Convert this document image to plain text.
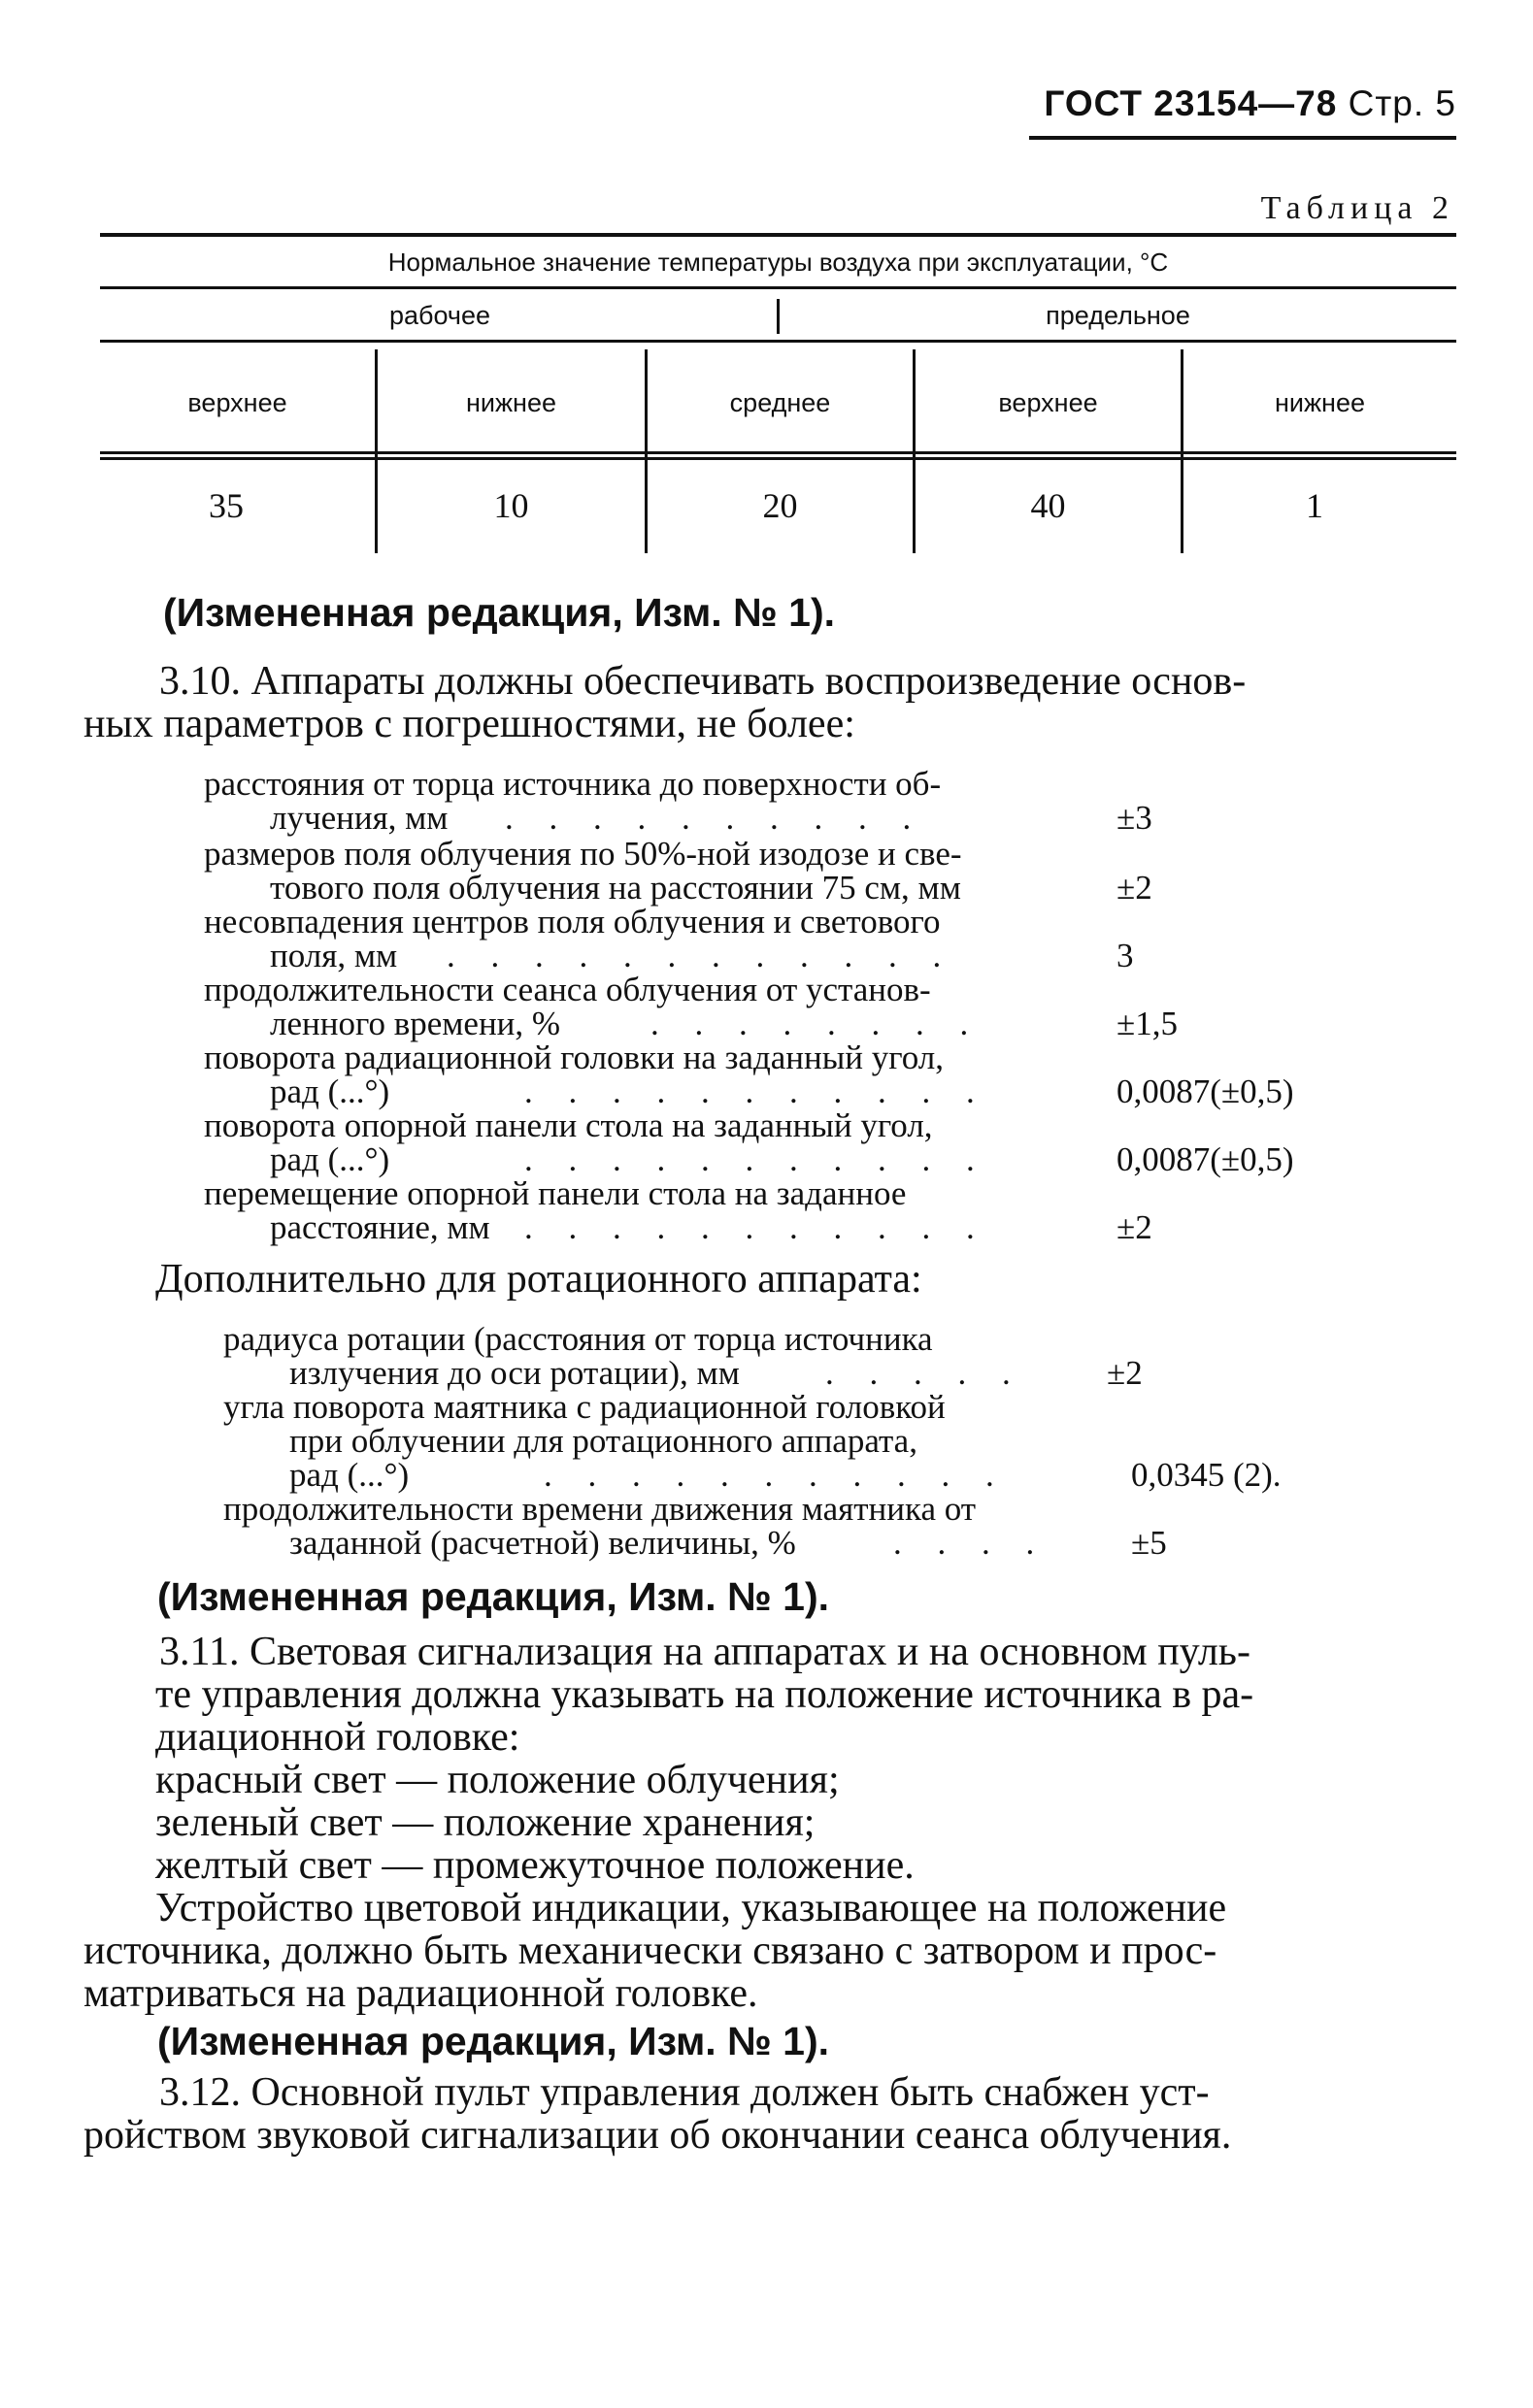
ГОСТ 23154—78 Стр. 5
Таблица 2
Нормальное значение температуры воздуха при эксплуатации, °С
рабочее	предельное
верхнее	нижнее	среднее	верхнее	нижнее
35	10	20	40	1
(Измененная редакция, Изм. № 1).
3.10. Аппараты должны обеспечивать воспроизведение основ-
ных параметров с погрешностями, не более:
расстояния от торца источника до поверхности об-
лучения, мм . . . . . . . . . .	±3
размеров поля облучения по 50%-ной изодозе и све-
тового поля облучения на расстоянии 75 см, мм	±2
несовпадения центров поля облучения и светового
поля, мм . . . . . . . . . . . .	3
продолжительности сеанса облучения от установ-
ленного времени, %	. . . . . . . .	±1,5
поворота радиационной головки на заданный угол,
рад (...°)	. . . . . . . . . . .	0,0087(±0,5)
поворота опорной панели стола на заданный угол,
рад (...°)	. . . . . . . . . . .	0,0087(±0,5)
перемещение опорной панели стола на заданное
расстояние, мм . . . . . . . . . . .	±2
Дополнительно для ротационного аппарата:
радиуса ротации (расстояния от торца источника
излучения до оси ротации), мм	. . . . . ±2
угла поворота маятника с радиационной головкой
при облучении для ротационного аппарата,
рад (...°)	. . . . . . . . . . .	0,0345 (2).
продолжительности времени движения маятника от
заданной (расчетной) величины, %	. . . . ±5
(Измененная редакция, Изм. № 1).
3.11. Световая сигнализация на аппаратах и на основном пуль-
те управления должна указывать на положение источника в ра-
диационной головке:
красный свет — положение облучения;
зеленый свет — положение хранения;
желтый свет — промежуточное положение.
Устройство цветовой индикации, указывающее на положение
источника, должно быть механически связано с затвором и прос-
матриваться на радиационной головке.
(Измененная редакция, Изм. № 1).
3.12. Основной пульт управления должен быть снабжен уст-
ройством звуковой сигнализации об окончании сеанса облучения.
